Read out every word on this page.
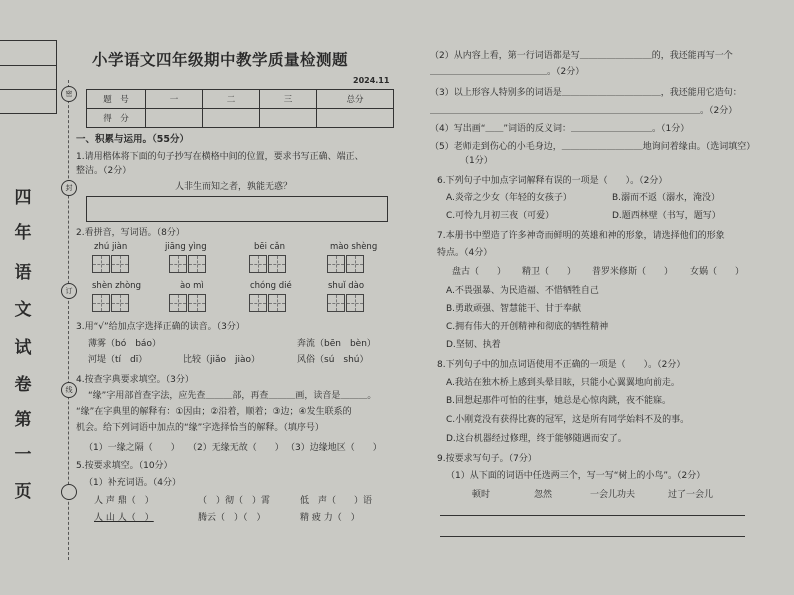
四
年
语
文
试
卷
第
一
页
密
封
订
线
小学语文四年级期中教学质量检测题
2024.11
题　号	一	二	三	总分
得　分				
一、积累与运用。（55分）
1.请用楷体将下面的句子抄写在横格中间的位置，要求书写正确、端正、
整洁。（2分）
人非生而知之者，孰能无惑？
2.看拼音，写词语。（8分）
zhú jiàn	jiāng yìng	bēi cǎn	mào shèng
shèn zhòng	ào mì	chóng dié	shuǐ dào
3.用“√”给加点字选择正确的读音。（3分）
薄雾（bó　báo）	奔流（bēn　bèn）
河堤（tí　dī）	比较（jiǎo　jiào）	风俗（sú　shú）
4.按查字典要求填空。（3分）
“缘”字用部首查字法，应先查＿＿＿部，再查＿＿＿画，读音是＿＿＿。
“缘”在字典里的解释有：①因由；②沿着，顺着；③边；④发生联系的
机会。给下列词语中加点的“缘”字选择恰当的解释。（填序号）
（1）一缘之隔（　　） （2）无缘无故（　　） （3）边缘地区（　　）
5.按要求填空。（10分）
（1）补充词语。（4分）
人 声 鼎（　）	（　）彻（　）霄	低　声（　　）语
人 山 人（　）	腾云（　）（　）	精 疲 力（　）
（2）从内容上看，第一行词语都是写＿＿＿＿＿＿＿＿的，我还能再写一个
＿＿＿＿＿＿＿＿＿＿＿＿＿。（2分）
（3）以上形容人特别多的词语是＿＿＿＿＿＿＿＿＿＿＿，我还能用它造句：
＿＿＿＿＿＿＿＿＿＿＿＿＿＿＿＿＿＿＿＿＿＿＿＿＿＿＿＿＿＿。（2分）
（4）写出画“＿＿”词语的反义词：＿＿＿＿＿＿＿＿＿。（1分）
（5）老师走到伤心的小毛身边，＿＿＿＿＿＿＿＿＿地询问着缘由。（选词填空）
（1分）
6.下列句子中加点字词解释有误的一项是（　　）。（2分）
A.炎帝之少女（年轻的女孩子）	B.溺而不返（溺水，淹没）
C.可怜九月初三夜（可爱）	D.题西林壁（书写，题写）
7.本册书中塑造了许多神奇而鲜明的英雄和神的形象，请选择他们的形象
特点。（4分）
盘古（　　） 精卫（　　） 普罗米修斯（　　） 女娲（　　）
A.不畏强暴、为民造福、不惜牺牲自己
B.勇敢顽强、智慧能干、甘于奉献
C.拥有伟大的开创精神和彻底的牺牲精神
D.坚韧、执着
8.下列句子中的加点词语使用不正确的一项是（　　）。（2分）
A.我站在独木桥上感到头晕目眩，只能小心翼翼地向前走。
B.回想起那件可怕的往事，她总是心惊肉跳，夜不能寐。
C.小刚竟没有获得比赛的冠军，这是所有同学始料不及的事。
D.这台机器经过修理，终于能够随遇而安了。
9.按要求写句子。（7分）
（1）从下面的词语中任选两三个，写一写“树上的小鸟”。（2分）
顿时	忽然	一会儿功夫	过了一会儿
